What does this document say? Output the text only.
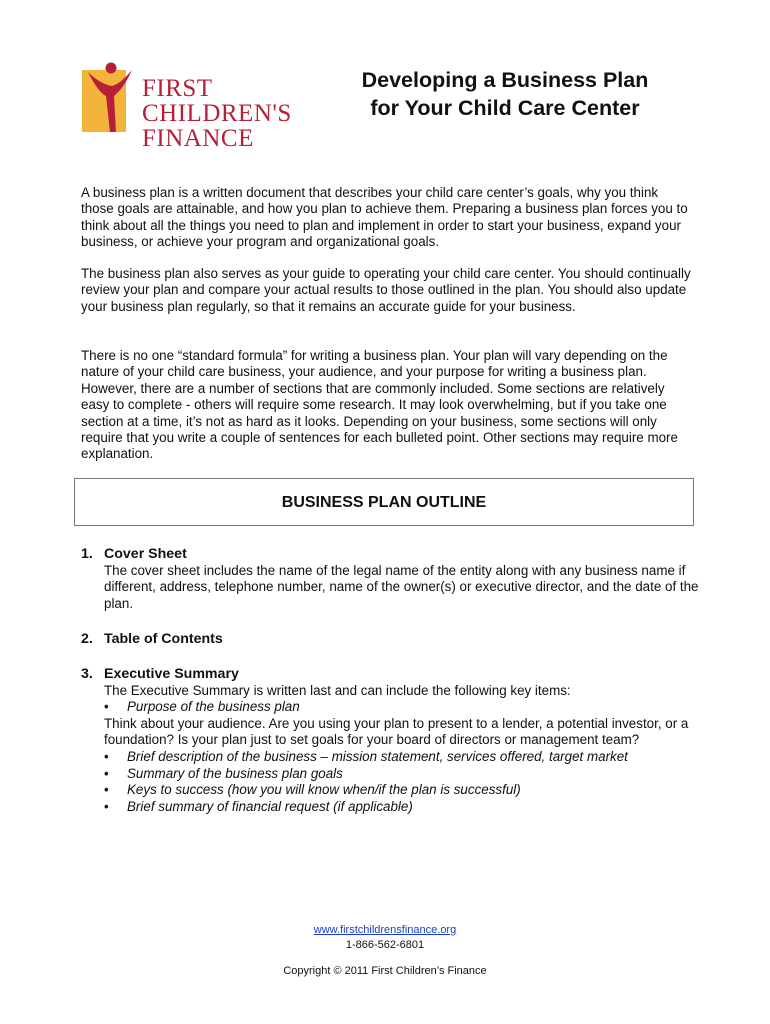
FIRST
CHILDREN'S
FINANCE
Developing a Business Plan
for Your Child Care Center
A business plan is a written document that describes your child care center’s goals, why you think those goals are attainable, and how you plan to achieve them. Preparing a business plan forces you to think about all the things you need to plan and implement in order to start your business, expand your business, or achieve your program and organizational goals.
The business plan also serves as your guide to operating your child care center. You should continually review your plan and compare your actual results to those outlined in the plan. You should also update your business plan regularly, so that it remains an accurate guide for your business.
There is no one “standard formula” for writing a business plan. Your plan will vary depending on the nature of your child care business, your audience, and your purpose for writing a business plan. However, there are a number of sections that are commonly included. Some sections are relatively easy to complete - others will require some research. It may look overwhelming, but if you take one section at a time, it’s not as hard as it looks. Depending on your business, some sections will only require that you write a couple of sentences for each bulleted point. Other sections may require more explanation.
BUSINESS PLAN OUTLINE
1. Cover Sheet
The cover sheet includes the name of the legal name of the entity along with any business name if different, address, telephone number, name of the owner(s) or executive director, and the date of the plan.
2. Table of Contents
3. Executive Summary
The Executive Summary is written last and can include the following key items:
•	Purpose of the business plan
Think about your audience. Are you using your plan to present to a lender, a potential investor, or a foundation? Is your plan just to set goals for your board of directors or management team?
•	Brief description of the business – mission statement, services offered, target market
•	Summary of the business plan goals
•	Keys to success (how you will know when/if the plan is successful)
•	Brief summary of financial request (if applicable)
www.firstchildrensfinance.org
1-866-562-6801
Copyright © 2011 First Children’s Finance
